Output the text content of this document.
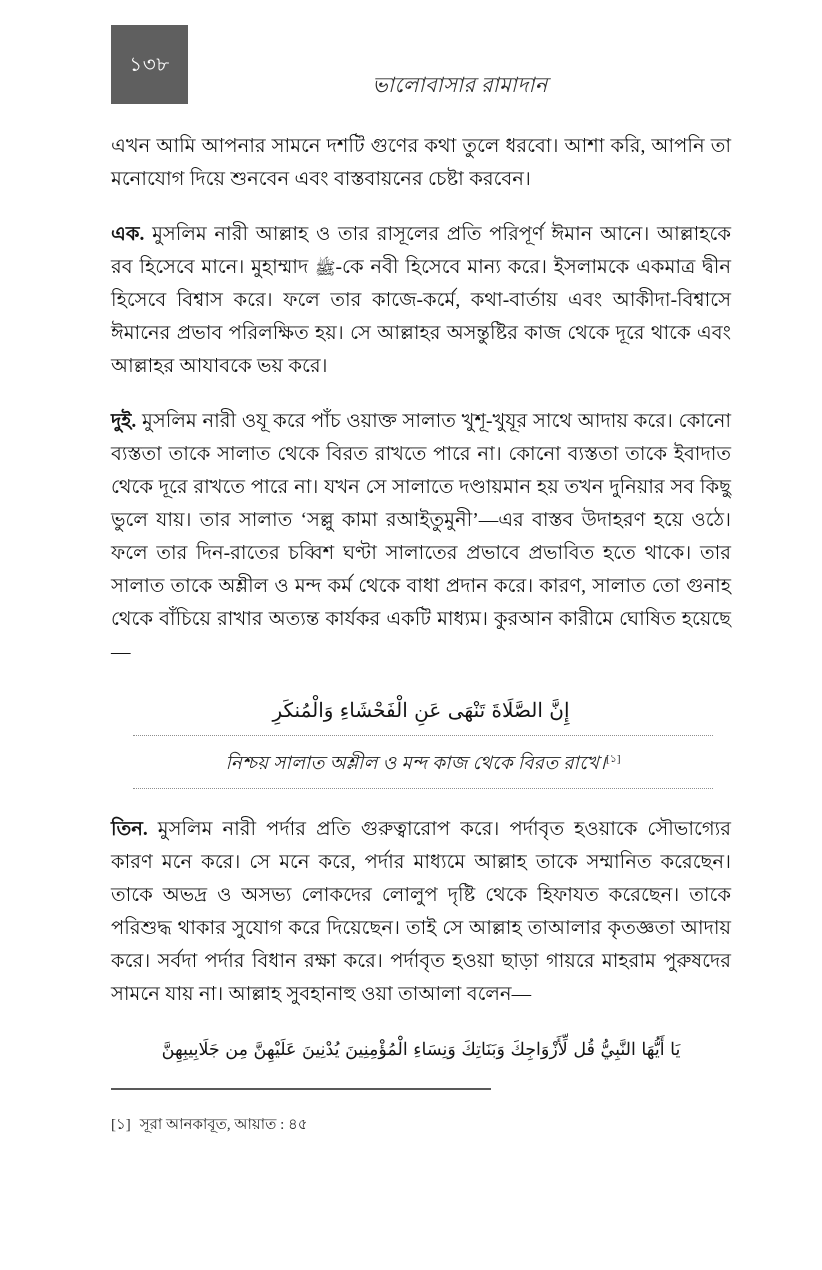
১৩৮
ভালোবাসার রামাদান

এখন আমি আপনার সামনে দশটি গুণের কথা তুলে ধরবো। আশা করি, আপনি তা মনোযোগ দিয়ে শুনবেন এবং বাস্তবায়নের চেষ্টা করবেন।

এক. মুসলিম নারী আল্লাহ ও তার রাসূলের প্রতি পরিপূর্ণ ঈমান আনে। আল্লাহকে রব হিসেবে মানে। মুহাম্মাদ ﷺ-কে নবী হিসেবে মান্য করে। ইসলামকে একমাত্র দ্বীন হিসেবে বিশ্বাস করে। ফলে তার কাজে-কর্মে, কথা-বার্তায় এবং আকীদা-বিশ্বাসে ঈমানের প্রভাব পরিলক্ষিত হয়। সে আল্লাহর অসন্তুষ্টির কাজ থেকে দূরে থাকে এবং আল্লাহর আযাবকে ভয় করে।

দুই. মুসলিম নারী ওযূ করে পাঁচ ওয়াক্ত সালাত খুশূ-খুযূর সাথে আদায় করে। কোনো ব্যস্ততা তাকে সালাত থেকে বিরত রাখতে পারে না। কোনো ব্যস্ততা তাকে ইবাদাত থেকে দূরে রাখতে পারে না। যখন সে সালাতে দণ্ডায়মান হয় তখন দুনিয়ার সব কিছু ভুলে যায়। তার সালাত ‘সল্লু কামা রআইতুমুনী’—এর বাস্তব উদাহরণ হয়ে ওঠে। ফলে তার দিন-রাতের চব্বিশ ঘণ্টা সালাতের প্রভাবে প্রভাবিত হতে থাকে। তার সালাত তাকে অশ্লীল ও মন্দ কর্ম থেকে বাধা প্রদান করে। কারণ, সালাত তো গুনাহ থেকে বাঁচিয়ে রাখার অত্যন্ত কার্যকর একটি মাধ্যম। কুরআন কারীমে ঘোষিত হয়েছে—

إِنَّ الصَّلَاةَ تَنْهَى عَنِ الْفَحْشَاءِ وَالْمُنكَرِ
নিশ্চয় সালাত অশ্লীল ও মন্দ কাজ থেকে বিরত রাখে।[১]

তিন. মুসলিম নারী পর্দার প্রতি গুরুত্বারোপ করে। পর্দাবৃত হওয়াকে সৌভাগ্যের কারণ মনে করে। সে মনে করে, পর্দার মাধ্যমে আল্লাহ তাকে সম্মানিত করেছেন। তাকে অভদ্র ও অসভ্য লোকদের লোলুপ দৃষ্টি থেকে হিফাযত করেছেন। তাকে পরিশুদ্ধ থাকার সুযোগ করে দিয়েছেন। তাই সে আল্লাহ তাআলার কৃতজ্ঞতা আদায় করে। সর্বদা পর্দার বিধান রক্ষা করে। পর্দাবৃত হওয়া ছাড়া গায়রে মাহরাম পুরুষদের সামনে যায় না। আল্লাহ সুবহানাহু ওয়া তাআলা বলেন—

يَا أَيُّهَا النَّبِيُّ قُل لِّأَزْوَاجِكَ وَبَنَاتِكَ وَنِسَاءِ الْمُؤْمِنِينَ يُدْنِينَ عَلَيْهِنَّ مِن جَلَابِيبِهِنَّ
[১] সূরা আনকাবূত, আয়াত : ৪৫
